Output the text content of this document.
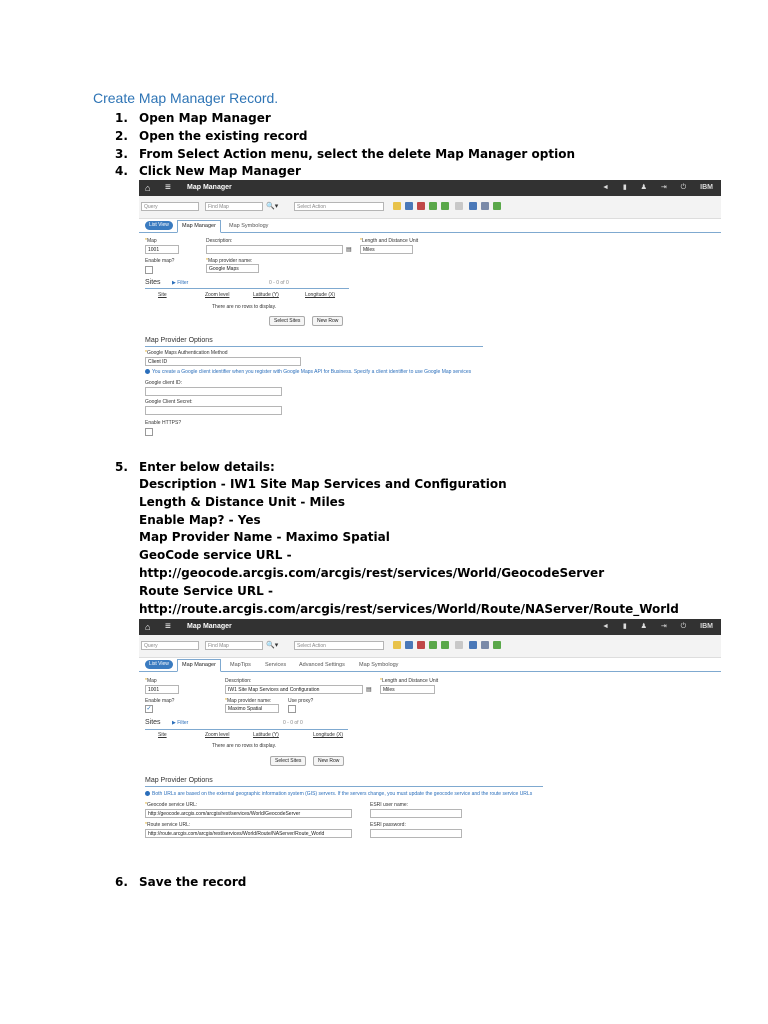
Create Map Manager Record.
1. Open Map Manager
2. Open the existing record
3. From Select Action menu, select the delete Map Manager option
4. Click New Map Manager
⌂ ≡ Map Manager	◄ ▮ ♟ ⇥ ⏻ IBM
Query	Find Map	🔍▾	Select Action
List View	Map Manager	Map Symbology
*Map
1001
Description:
▤
*Length and Distance Unit
Miles
Enable map?	*Map provider name:
Google Maps
Sites ▶ Filter	0 - 0 of 0
Site	Zoom level	Latitude (Y)	Longitude (X)
There are no rows to display.
Select Sites	New Row
Map Provider Options
*Google Maps Authentication Method
Client ID
You create a Google client identifier when you register with Google Maps API for Business. Specify a client identifier to use Google Map services
Google client ID:
Google Client Secret:
Enable HTTPS?
5. Enter below details:
Description - IW1 Site Map Services and Configuration
Length & Distance Unit - Miles
Enable Map? - Yes
Map Provider Name - Maximo Spatial
GeoCode service URL -
http://geocode.arcgis.com/arcgis/rest/services/World/GeocodeServer
Route Service URL -
http://route.arcgis.com/arcgis/rest/services/World/Route/NAServer/Route_World
⌂ ≡ Map Manager	◄ ▮ ♟ ⇥ ⏻ IBM
Query	Find Map	🔍▾	Select Action
List View	Map Manager	MapTips	Services	Advanced Settings	Map Symbology
*Map
1001
Description:
IW1 Site Map Services and Configuration	▤
*Length and Distance Unit
Miles
Enable map?
✓
*Map provider name:
Maximo Spatial
Use proxy?
Sites ▶ Filter	0 - 0 of 0
Site	Zoom level	Latitude (Y)	Longitude (X)
There are no rows to display.
Select Sites	New Row
Map Provider Options
Both URLs are based on the external geographic information system (GIS) servers. If the servers change, you must update the geocode service and the route service URLs
*Geocode service URL:
http://geocode.arcgis.com/arcgis/rest/services/World/GeocodeServer
ESRI user name:
*Route service URL:
http://route.arcgis.com/arcgis/rest/services/World/Route/NAServer/Route_World
ESRI password:
6. Save the record
